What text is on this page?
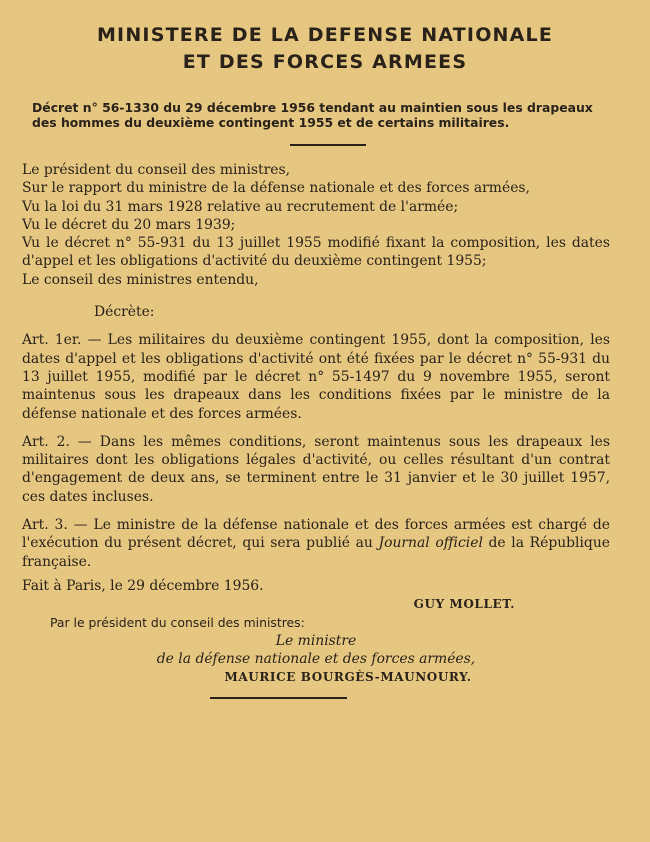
MINISTERE DE LA DEFENSE NATIONALE
ET DES FORCES ARMEES
Décret n° 56-1330 du 29 décembre 1956 tendant au maintien sous les drapeaux des hommes du deuxième contingent 1955 et de certains militaires.

Le président du conseil des ministres,

Sur le rapport du ministre de la défense nationale et des forces armées,

Vu la loi du 31 mars 1928 relative au recrutement de l'armée;

Vu le décret du 20 mars 1939;

Vu le décret n° 55-931 du 13 juillet 1955 modifié fixant la composition, les dates d'appel et les obligations d'activité du deuxième contingent 1955;

Le conseil des ministres entendu,

Décrète:

Art. 1er. — Les militaires du deuxième contingent 1955, dont la composition, les dates d'appel et les obligations d'activité ont été fixées par le décret n° 55-931 du 13 juillet 1955, modifié par le décret n° 55-1497 du 9 novembre 1955, seront maintenus sous les drapeaux dans les conditions fixées par le ministre de la défense nationale et des forces armées.

Art. 2. — Dans les mêmes conditions, seront maintenus sous les drapeaux les militaires dont les obligations légales d'activité, ou celles résultant d'un contrat d'engagement de deux ans, se terminent entre le 31 janvier et le 30 juillet 1957, ces dates incluses.

Art. 3. — Le ministre de la défense nationale et des forces armées est chargé de l'exécution du présent décret, qui sera publié au Journal officiel de la République française.

Fait à Paris, le 29 décembre 1956.

GUY MOLLET.
Par le président du conseil des ministres:
Le ministre
de la défense nationale et des forces armées,
MAURICE BOURGÈS-MAUNOURY.
